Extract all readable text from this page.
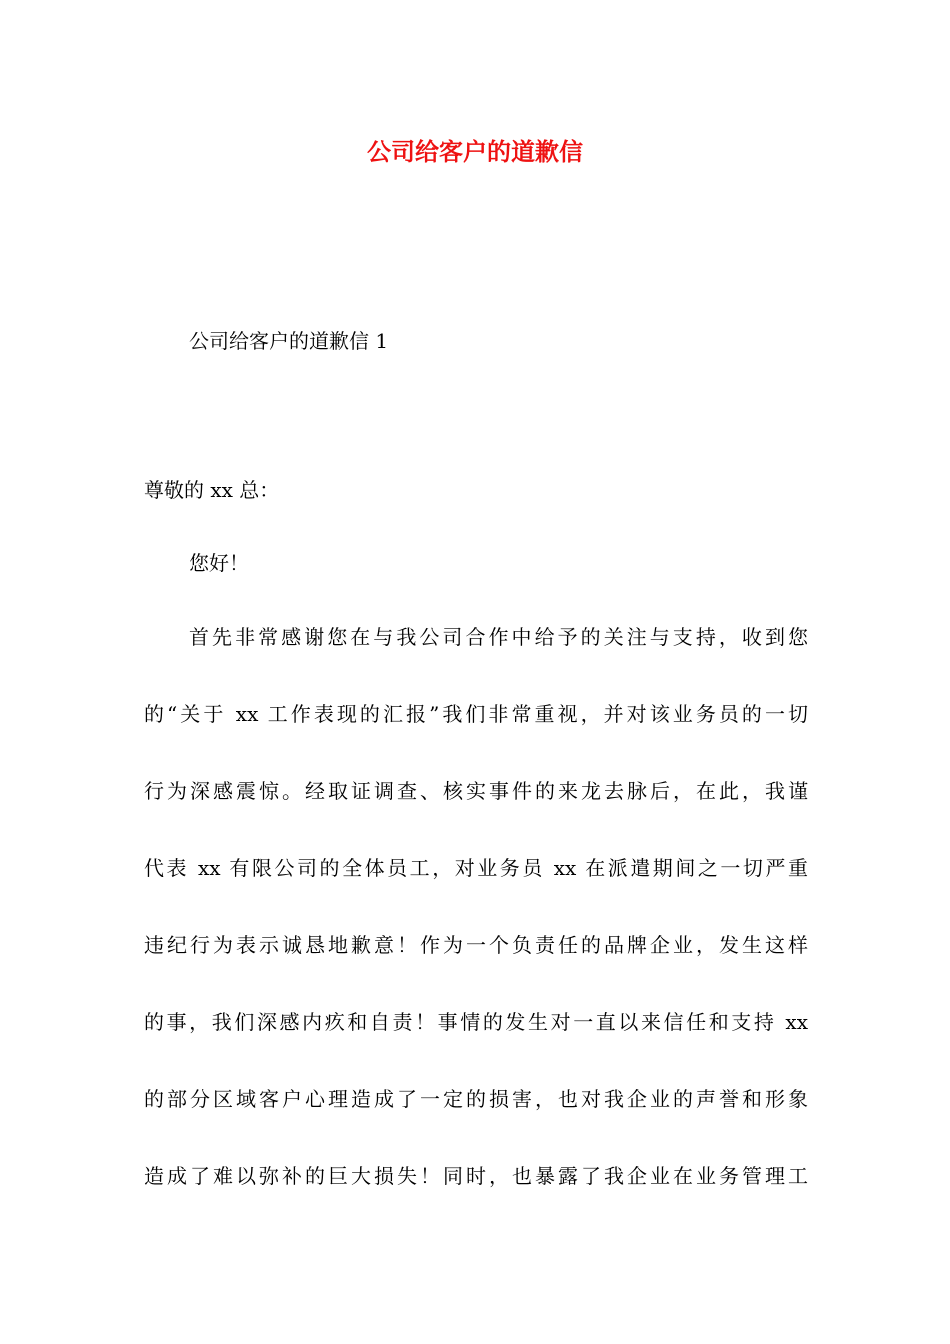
公司给客户的道歉信

公司给客户的道歉信 1

尊敬的 xx 总：

您好！

首先非常感谢您在与我公司合作中给予的关注与支持，收到您
的“关于 xx 工作表现的汇报”我们非常重视，并对该业务员的一切
行为深感震惊。经取证调查、核实事件的来龙去脉后，在此，我谨
代表 xx 有限公司的全体员工，对业务员 xx 在派遣期间之一切严重
违纪行为表示诚恳地歉意！作为一个负责任的品牌企业，发生这样
的事，我们深感内疚和自责！事情的发生对一直以来信任和支持 xx
的部分区域客户心理造成了一定的损害，也对我企业的声誉和形象
造成了难以弥补的巨大损失！同时，也暴露了我企业在业务管理工
